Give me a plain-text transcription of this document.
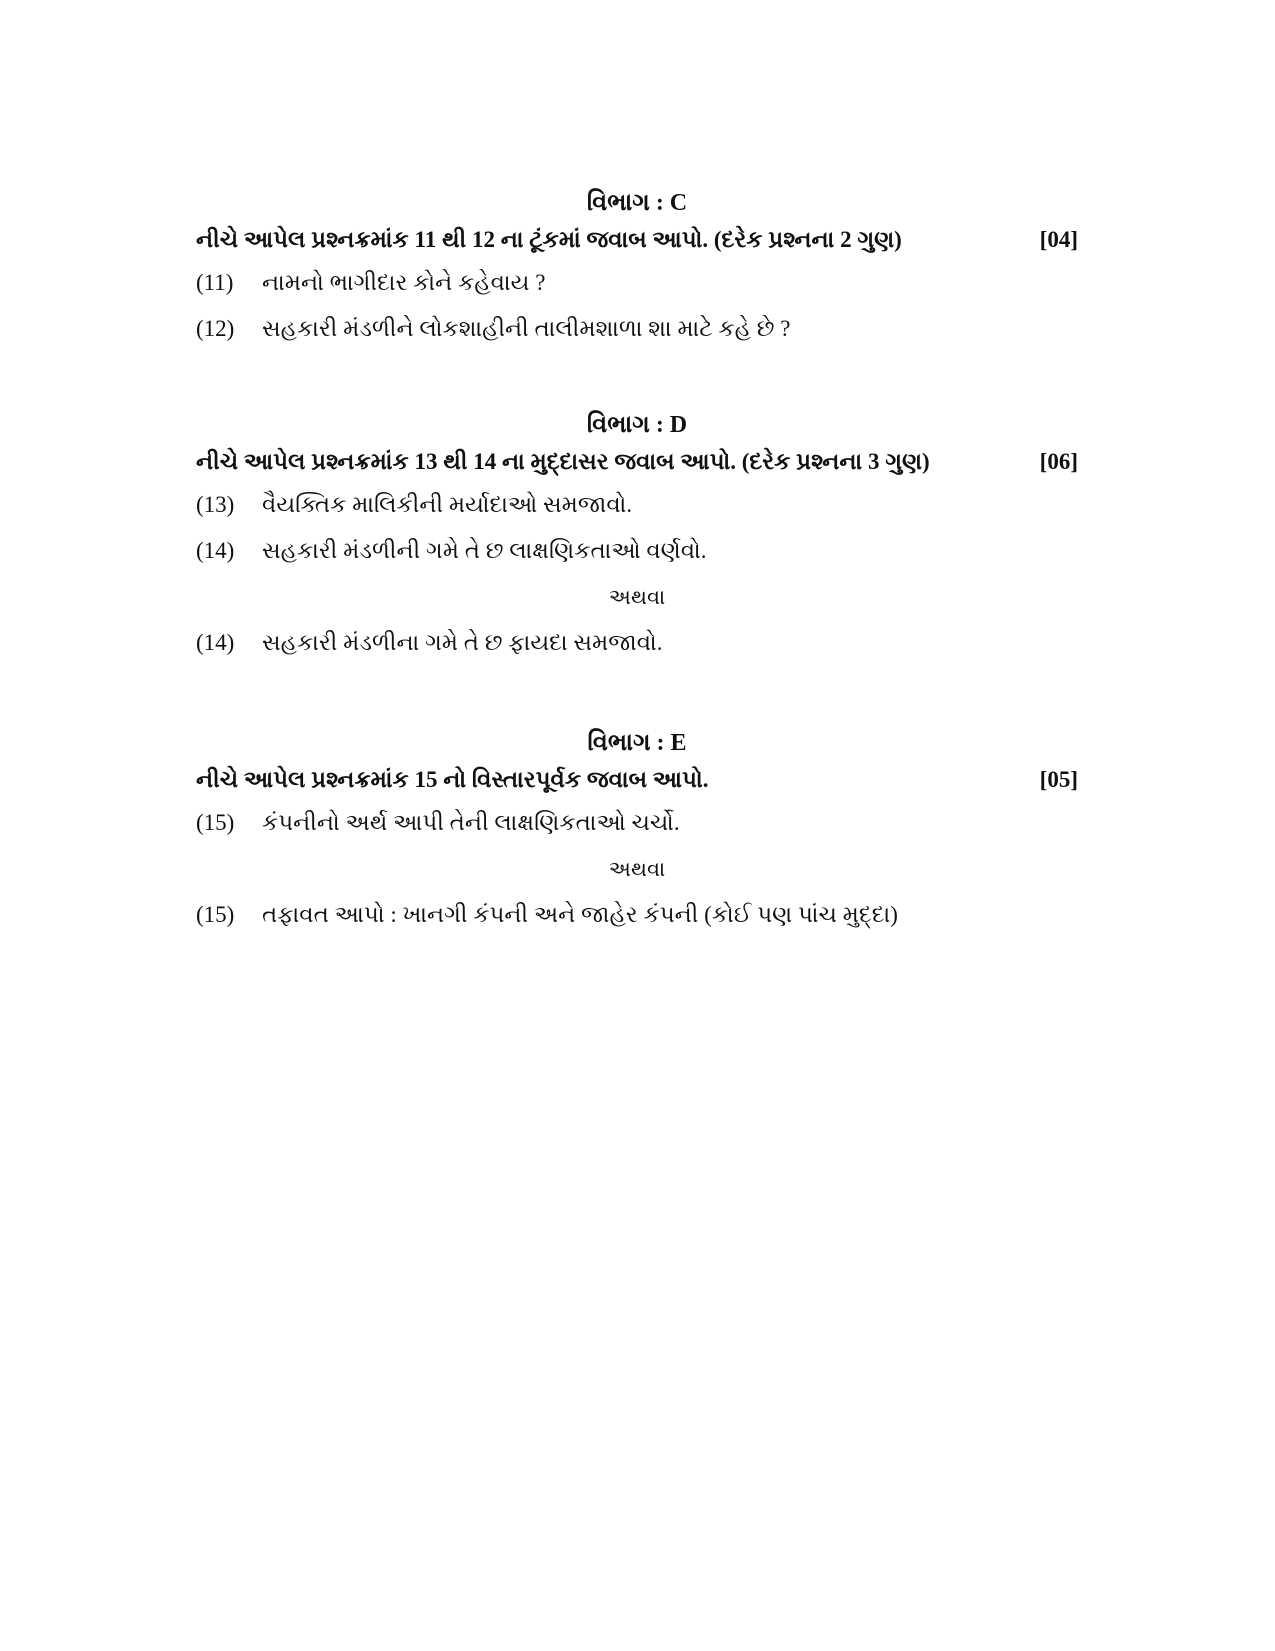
વિભાગ : C
નીચે આપેલ પ્રશ્નક્રમાંક 11 થી 12 ના ટૂંકમાં જવાબ આપો. (દરેક પ્રશ્નના 2 ગુણ)	[04]
(11)	નામનો ભાગીદાર કોને કહેવાય ?
(12)	સહકારી મંડળીને લોકશાહીની તાલીમશાળા શા માટે કહે છે ?
વિભાગ : D
નીચે આપેલ પ્રશ્નક્રમાંક 13 થી 14 ના મુદ્દાસર જવાબ આપો. (દરેક પ્રશ્નના 3 ગુણ)	[06]
(13)	વૈયક્તિક માલિકીની મર્યાદાઓ સમજાવો.
(14)	સહકારી મંડળીની ગમે તે છ લાક્ષણિકતાઓ વર્ણવો.
અથવા
(14)	સહકારી મંડળીના ગમે તે છ ફાયદા સમજાવો.
વિભાગ : E
નીચે આપેલ પ્રશ્નક્રમાંક 15 નો વિસ્તારપૂર્વક જવાબ આપો.	[05]
(15)	કંપનીનો અર્થ આપી તેની લાક્ષણિકતાઓ ચર્ચો.
અથવા
(15)	તફાવત આપો : ખાનગી કંપની અને જાહેર કંપની (કોઈ પણ પાંચ મુદ્દા)
